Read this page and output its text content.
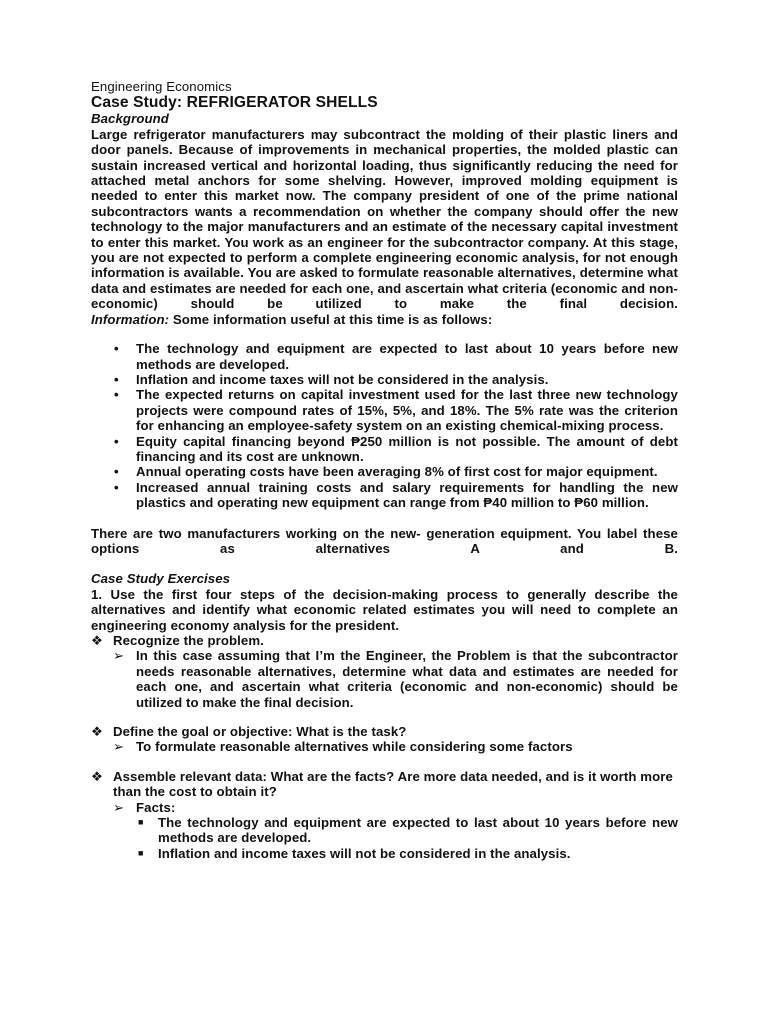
Engineering Economics
Case Study: REFRIGERATOR SHELLS
Background

Large refrigerator manufacturers may subcontract the molding of their plastic liners and door panels. Because of improvements in mechanical properties, the molded plastic can sustain increased vertical and horizontal loading, thus significantly reducing the need for

attached metal anchors for some shelving. However, improved molding equipment is needed to enter this market now. The company president of one of the prime national subcontractors wants a recommendation on whether the company should offer the new technology to the major manufacturers and an estimate of the necessary capital investment to enter this market. You work as an engineer for the subcontractor company. At this stage, you are not expected to perform a complete engineering economic analysis, for not enough information is available. You are asked to formulate reasonable alternatives, determine what data and estimates are needed for each one, and ascertain what criteria (economic and non-economic) should be utilized to make the final decision.

Information: Some information useful at this time is as follows:
• The technology and equipment are expected to last about 10 years before new methods are developed.
• Inflation and income taxes will not be considered in the analysis.
• The expected returns on capital investment used for the last three new technology projects were compound rates of 15%, 5%, and 18%. The 5% rate was the criterion for enhancing an employee-safety system on an existing chemical-mixing process.
• Equity capital financing beyond ₱250 million is not possible. The amount of debt financing and its cost are unknown.
• Annual operating costs have been averaging 8% of first cost for major equipment.
• Increased annual training costs and salary requirements for handling the new plastics and operating new equipment can range from ₱40 million to ₱60 million.

There are two manufacturers working on the new- generation equipment. You label these options as alternatives A and B.

Case Study Exercises

1. Use the first four steps of the decision-making process to generally describe the alternatives and identify what economic related estimates you will need to complete an engineering economy analysis for the president.

❖ Recognize the problem.
➢ In this case assuming that I’m the Engineer, the Problem is that the subcontractor needs reasonable alternatives, determine what data and estimates are needed for each one, and ascertain what criteria (economic and non-economic) should be utilized to make the final decision.
❖ Define the goal or objective: What is the task?
➢ To formulate reasonable alternatives while considering some factors
❖ Assemble relevant data: What are the facts? Are more data needed, and is it worth more than the cost to obtain it?
➢ Facts:
■ The technology and equipment are expected to last about 10 years before new methods are developed.
■ Inflation and income taxes will not be considered in the analysis.
